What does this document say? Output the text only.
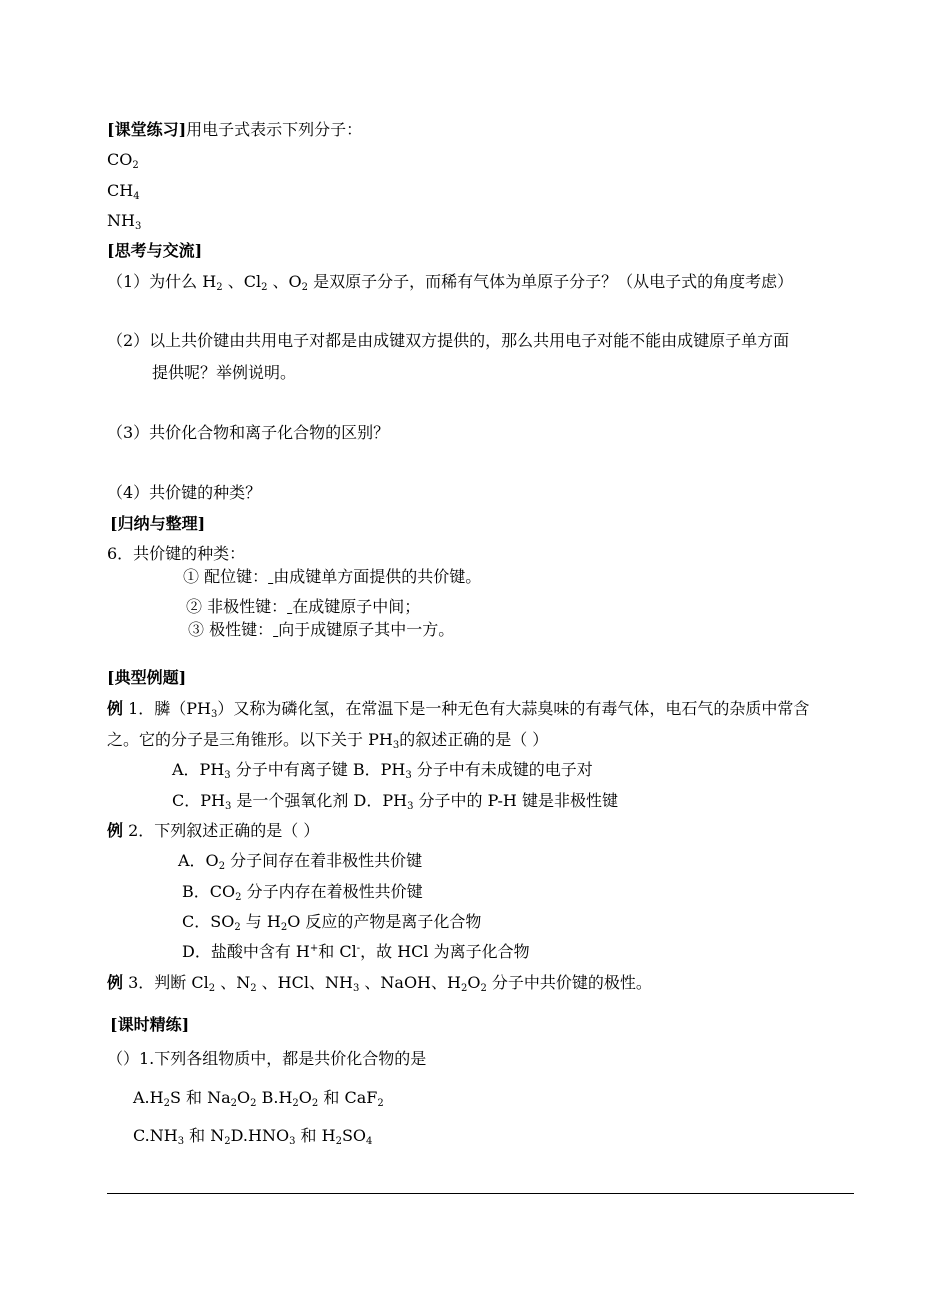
[课堂练习]用电子式表示下列分子：
$CO_2$
$CH_4$
$NH_3$
[思考与交流]
（1）为什么 $H_2$ 、$Cl_2$ 、$O_2$ 是双原子分子，而稀有气体为单原子分子？（从电子式的角度考虑）
（2）以上共价键由共用电子对都是由成键双方提供的，那么共用电子对能不能由成键原子单方面
提供呢？举例说明。
（3）共价化合物和离子化合物的区别？
（4）共价键的种类？
[归纳与整理]
6．共价键的种类：
① 配位键： 由成键单方面提供的共价键。
② 非极性键： 在成键原子中间；
③ 极性键： 向于成键原子其中一方。
[典型例题]
例 1．膦$(PH_3)$又称为磷化氢，在常温下是一种无色有大蒜臭味的有毒气体，电石气的杂质中常含
之。它的分子是三角锥形。以下关于 $PH_3$的叙述正确的是（ ）
A．$PH_3$ 分子中有离子键 B．$PH_3$ 分子中有未成键的电子对
C．$PH_3$ 是一个强氧化剂 D．$PH_3$ 分子中的 P-H 键是非极性键
例 2．下列叙述正确的是（ ）
A．$O_2$ 分子间存在着非极性共价键
B．$CO_2$ 分子内存在着极性共价键
C．$SO_2$ 与 $H_2O$ 反应的产物是离子化合物
D．盐酸中含有 H+和 Cl-，故 HCl 为离子化合物
例 3．判断 $Cl_2$ 、$N_2$ 、HCl、$NH_3$ 、NaOH、$H_2O_2$ 分子中共价键的极性。
[课时精练]
（）1.下列各组物质中，都是共价化合物的是
$A.H_2S$ 和 $Na_2O_2$ $B.H_2O_2$ 和 CaF$_2$
$C.NH_3$ 和 $N_2D.HNO_3$ 和 $H_2SO_4$
